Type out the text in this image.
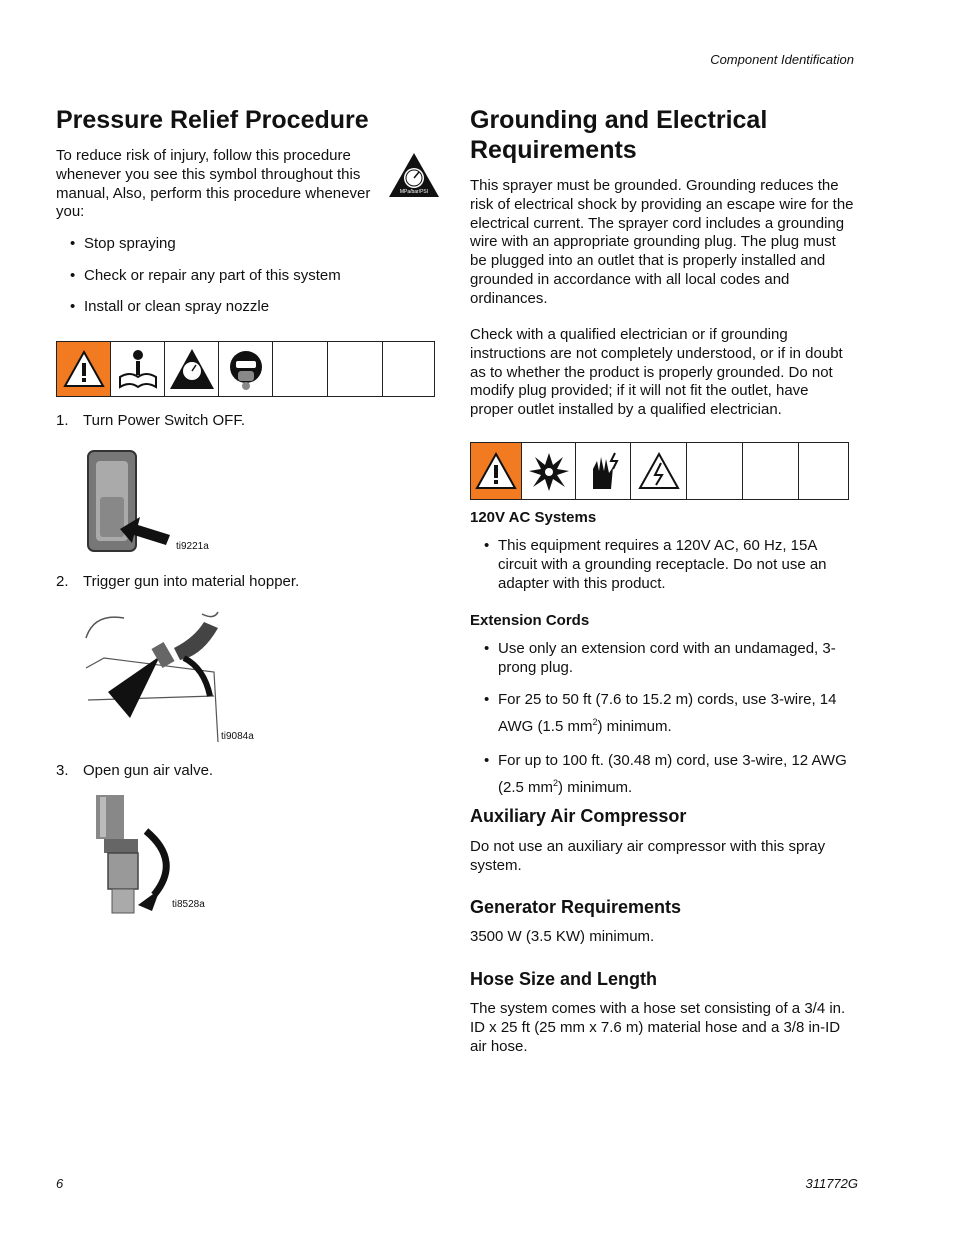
Component Identification
Pressure Relief Procedure

To reduce risk of injury, follow this procedure whenever you see this symbol throughout this manual, Also, perform this procedure whenever you:

MPa/bar/PSI
• Stop spraying
• Check or repair any part of this system
• Install or clean spray nozzle
1. Turn Power Switch OFF.
ti9221a
2. Trigger gun into material hopper.
ti9084a
3. Open gun air valve.
ti8528a
Grounding and Electrical Requirements

This sprayer must be grounded. Grounding reduces the risk of electrical shock by providing an escape wire for the electrical current. The sprayer cord includes a grounding wire with an appropriate grounding plug. The plug must be plugged into an outlet that is properly installed and grounded in accordance with all local codes and ordinances.

Check with a qualified electrician or if grounding instructions are not completely understood, or if in doubt as to whether the product is properly grounded. Do not modify plug provided; if it will not fit the outlet, have proper outlet installed by a qualified electrician.

120V AC Systems
• This equipment requires a 120V AC, 60 Hz, 15A circuit with a grounding receptacle. Do not use an adapter with this product.
Extension Cords
• Use only an extension cord with an undamaged, 3-prong plug.
• For 25 to 50 ft (7.6 to 15.2 m) cords, use 3-wire, 14 AWG (1.5 $mm^2$) minimum.
• For up to 100 ft. (30.48 m) cord, use 3-wire, 12 AWG (2.5 $mm^2$) minimum.
Auxiliary Air Compressor

Do not use an auxiliary air compressor with this spray system.

Generator Requirements

3500 W (3.5 KW) minimum.

Hose Size and Length

The system comes with a hose set consisting of a 3/4 in. ID x 25 ft (25 mm x 7.6 m) material hose and a 3/8 in-ID air hose.

6	311772G
